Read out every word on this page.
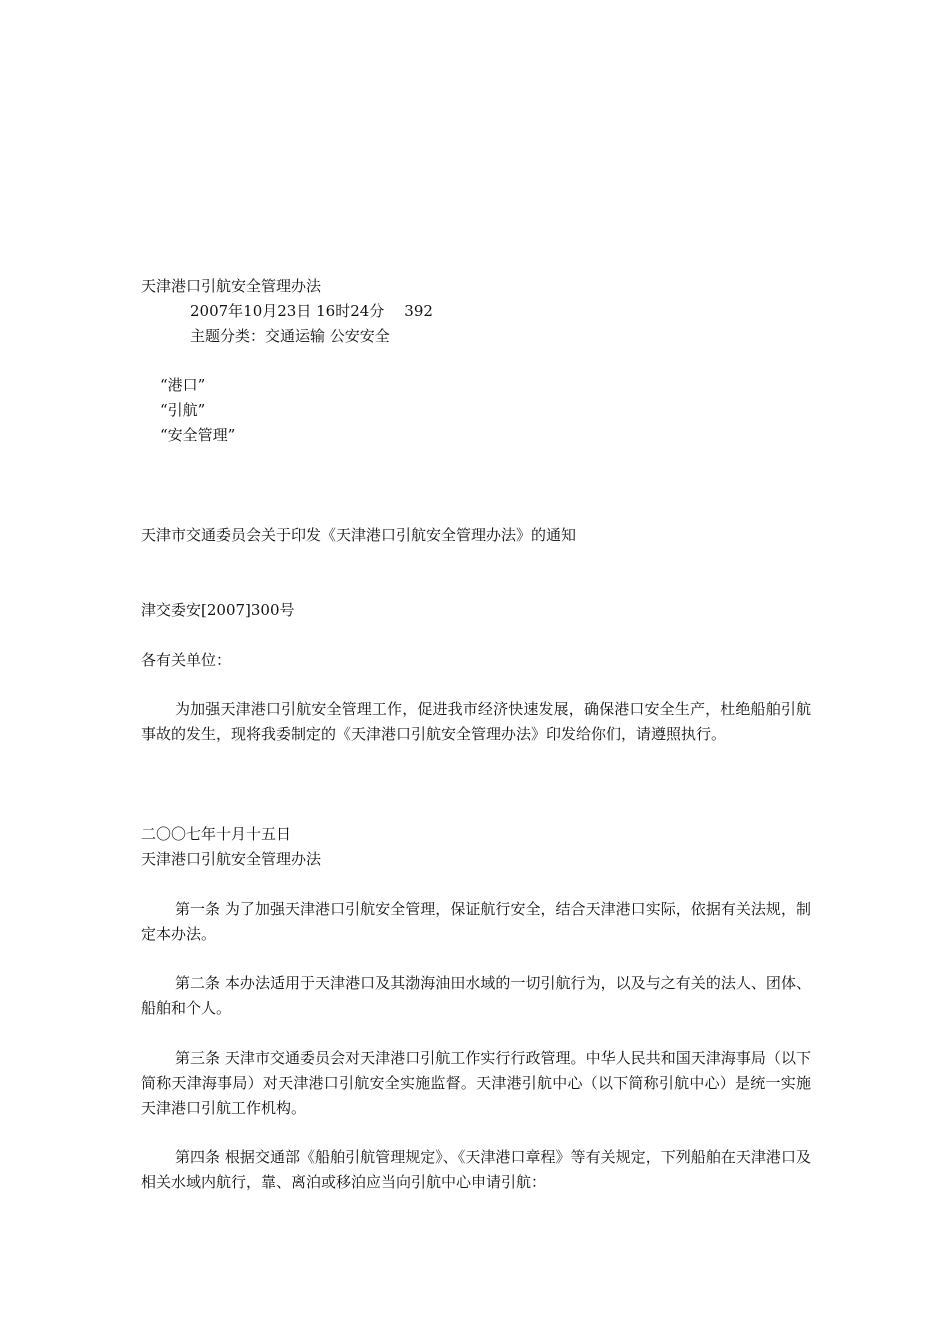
天津港口引航安全管理办法
2007年10月23日 16时24分 392
主题分类：交通运输 公安安全
“港口”
“引航”
“安全管理”
天津市交通委员会关于印发《天津港口引航安全管理办法》的通知
津交委安[2007]300号
各有关单位：
为加强天津港口引航安全管理工作，促进我市经济快速发展，确保港口安全生产，杜绝船舶引航事故的发生，现将我委制定的《天津港口引航安全管理办法》印发给你们，请遵照执行。
二〇〇七年十月十五日
天津港口引航安全管理办法
第一条 为了加强天津港口引航安全管理，保证航行安全，结合天津港口实际，依据有关法规，制定本办法。
第二条 本办法适用于天津港口及其渤海油田水域的一切引航行为，以及与之有关的法人、团体、船舶和个人。
第三条 天津市交通委员会对天津港口引航工作实行行政管理。中华人民共和国天津海事局（以下简称天津海事局）对天津港口引航安全实施监督。天津港引航中心（以下简称引航中心）是统一实施天津港口引航工作机构。
第四条 根据交通部《船舶引航管理规定》、《天津港口章程》等有关规定，下列船舶在天津港口及相关水域内航行，靠、离泊或移泊应当向引航中心申请引航：
